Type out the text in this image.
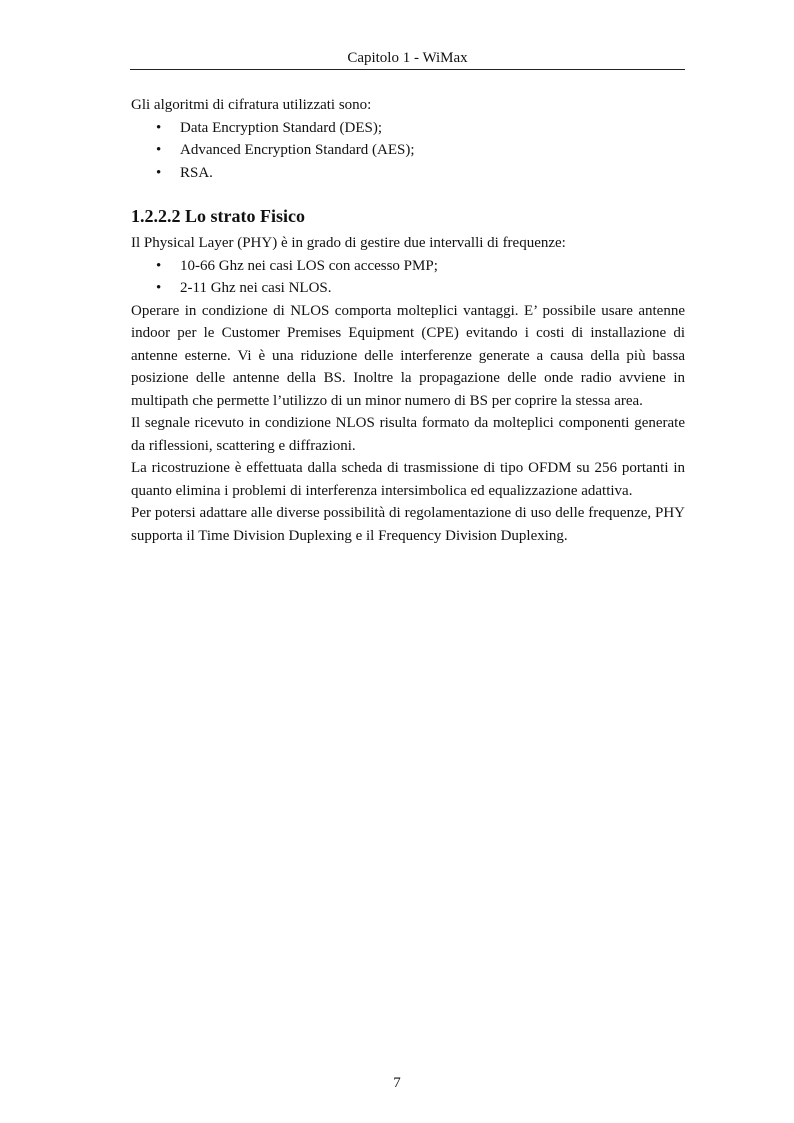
Capitolo 1 - WiMax

Gli algoritmi di cifratura utilizzati sono:

• Data Encryption Standard (DES);
• Advanced Encryption Standard (AES);
• RSA.
1.2.2.2 Lo strato Fisico

Il Physical Layer (PHY) è in grado di gestire due intervalli di frequenze:

• 10-66 Ghz nei casi LOS con accesso PMP;
• 2-11 Ghz nei casi NLOS.

Operare in condizione di NLOS comporta molteplici vantaggi. E’ possibile usare antenne indoor per le Customer Premises Equipment (CPE) evitando i costi di installazione di antenne esterne. Vi è una riduzione delle interferenze generate a causa della più bassa posizione delle antenne della BS. Inoltre la propagazione delle onde radio avviene in multipath che permette l’utilizzo di un minor numero di BS per coprire la stessa area.

Il segnale ricevuto in condizione NLOS risulta formato da molteplici componenti generate da riflessioni, scattering e diffrazioni.

La ricostruzione è effettuata dalla scheda di trasmissione di tipo OFDM su 256 portanti in quanto elimina i problemi di interferenza intersimbolica ed equalizzazione adattiva.

Per potersi adattare alle diverse possibilità di regolamentazione di uso delle frequenze, PHY supporta il Time Division Duplexing e il Frequency Division Duplexing.

7
